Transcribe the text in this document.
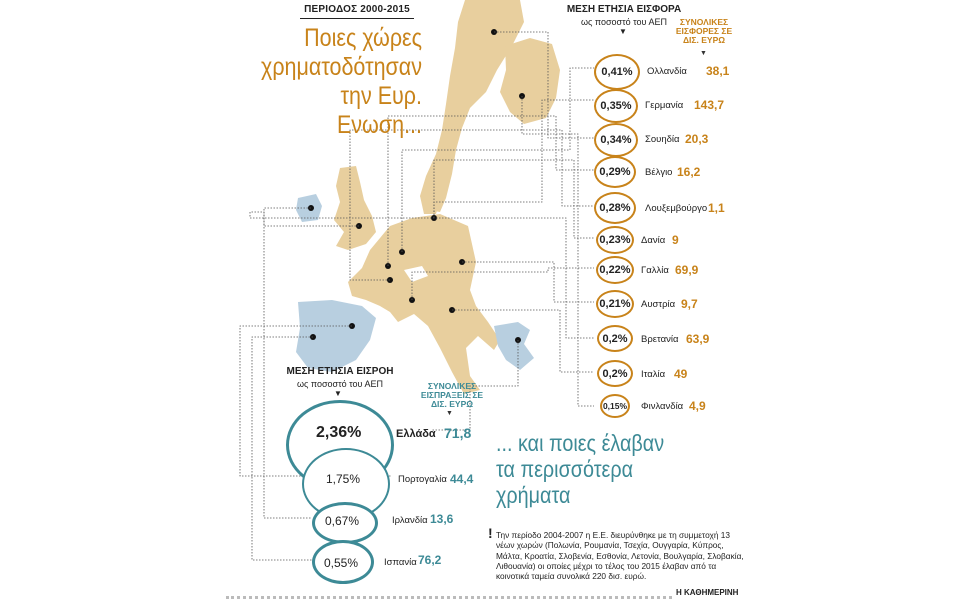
ΠΕΡΙΟΔΟΣ 2000-2015
Ποιες χώρες χρηματοδότησαν την Ευρ. Ενωση...
ΜΕΣΗ ΕΤΗΣΙΑ ΕΙΣΦΟΡΑ
ως ποσοστό του ΑΕΠ
▼
ΣΥΝΟΛΙΚΕΣ ΕΙΣΦΟΡΕΣ ΣΕ ΔΙΣ. ΕΥΡΩ
▼
0,41%	Ολλανδία 38,1
0,35%	Γερμανία 143,7
0,34%	Σουηδία 20,3
0,29%	Βέλγιο 16,2
0,28%	Λουξεμβούργο 1,1
0,23%	Δανία 9
0,22%	Γαλλία 69,9
0,21%	Αυστρία 9,7
0,2%	Βρετανία 63,9
0,2%	Ιταλία 49
0,15%	Φινλανδία 4,9
ΜΕΣΗ ΕΤΗΣΙΑ ΕΙΣΡΟΗ
ως ποσοστό του ΑΕΠ
▼
ΣΥΝΟΛΙΚΕΣ ΕΙΣΠΡΑΞΕΙΣ ΣΕ ΔΙΣ. ΕΥΡΩ
▼
2,36%	Ελλάδα 71,8
1,75%	Πορτογαλία 44,4
0,67%	Ιρλανδία 13,6
0,55%	Ισπανία 76,2
... και ποιες έλαβαν τα περισσότερα χρήματα
! Την περίοδο 2004-2007 η Ε.Ε. διευρύνθηκε με τη συμμετοχή 13 νέων χωρών (Πολωνία, Ρουμανία, Τσεχία, Ουγγαρία, Κύπρος, Μάλτα, Κροατία, Σλοβενία, Εσθονία, Λετονία, Βουλγαρία, Σλοβακία, Λιθουανία) οι οποίες μέχρι το τέλος του 2015 έλαβαν από τα κοινοτικά ταμεία συνολικά 220 δισ. ευρώ.
Η ΚΑΘΗΜΕΡΙΝΗ
